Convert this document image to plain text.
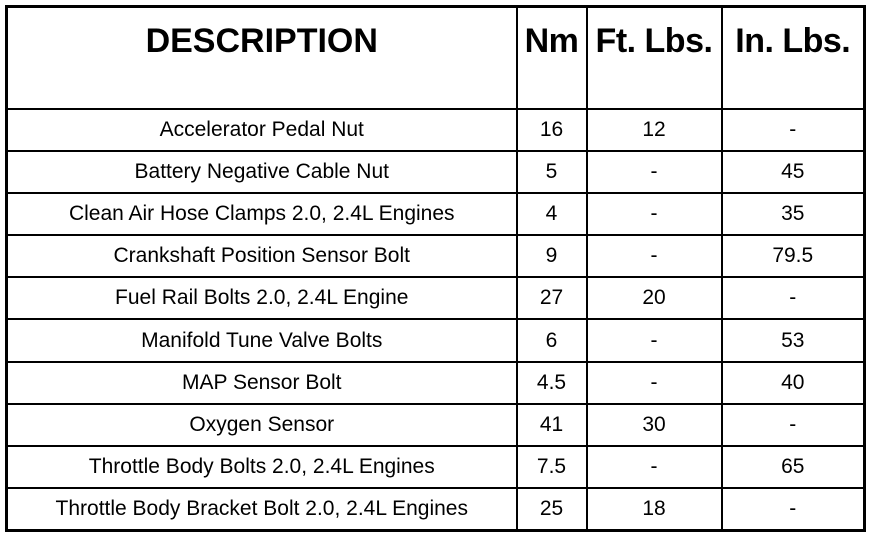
DESCRIPTION	Nm	Ft. Lbs.	In. Lbs.
Accelerator Pedal Nut	16	12	-
Battery Negative Cable Nut	5	-	45
Clean Air Hose Clamps 2.0, 2.4L Engines	4	-	35
Crankshaft Position Sensor Bolt	9	-	79.5
Fuel Rail Bolts 2.0, 2.4L Engine	27	20	-
Manifold Tune Valve Bolts	6	-	53
MAP Sensor Bolt	4.5	-	40
Oxygen Sensor	41	30	-
Throttle Body Bolts 2.0, 2.4L Engines	7.5	-	65
Throttle Body Bracket Bolt 2.0, 2.4L Engines	25	18	-
